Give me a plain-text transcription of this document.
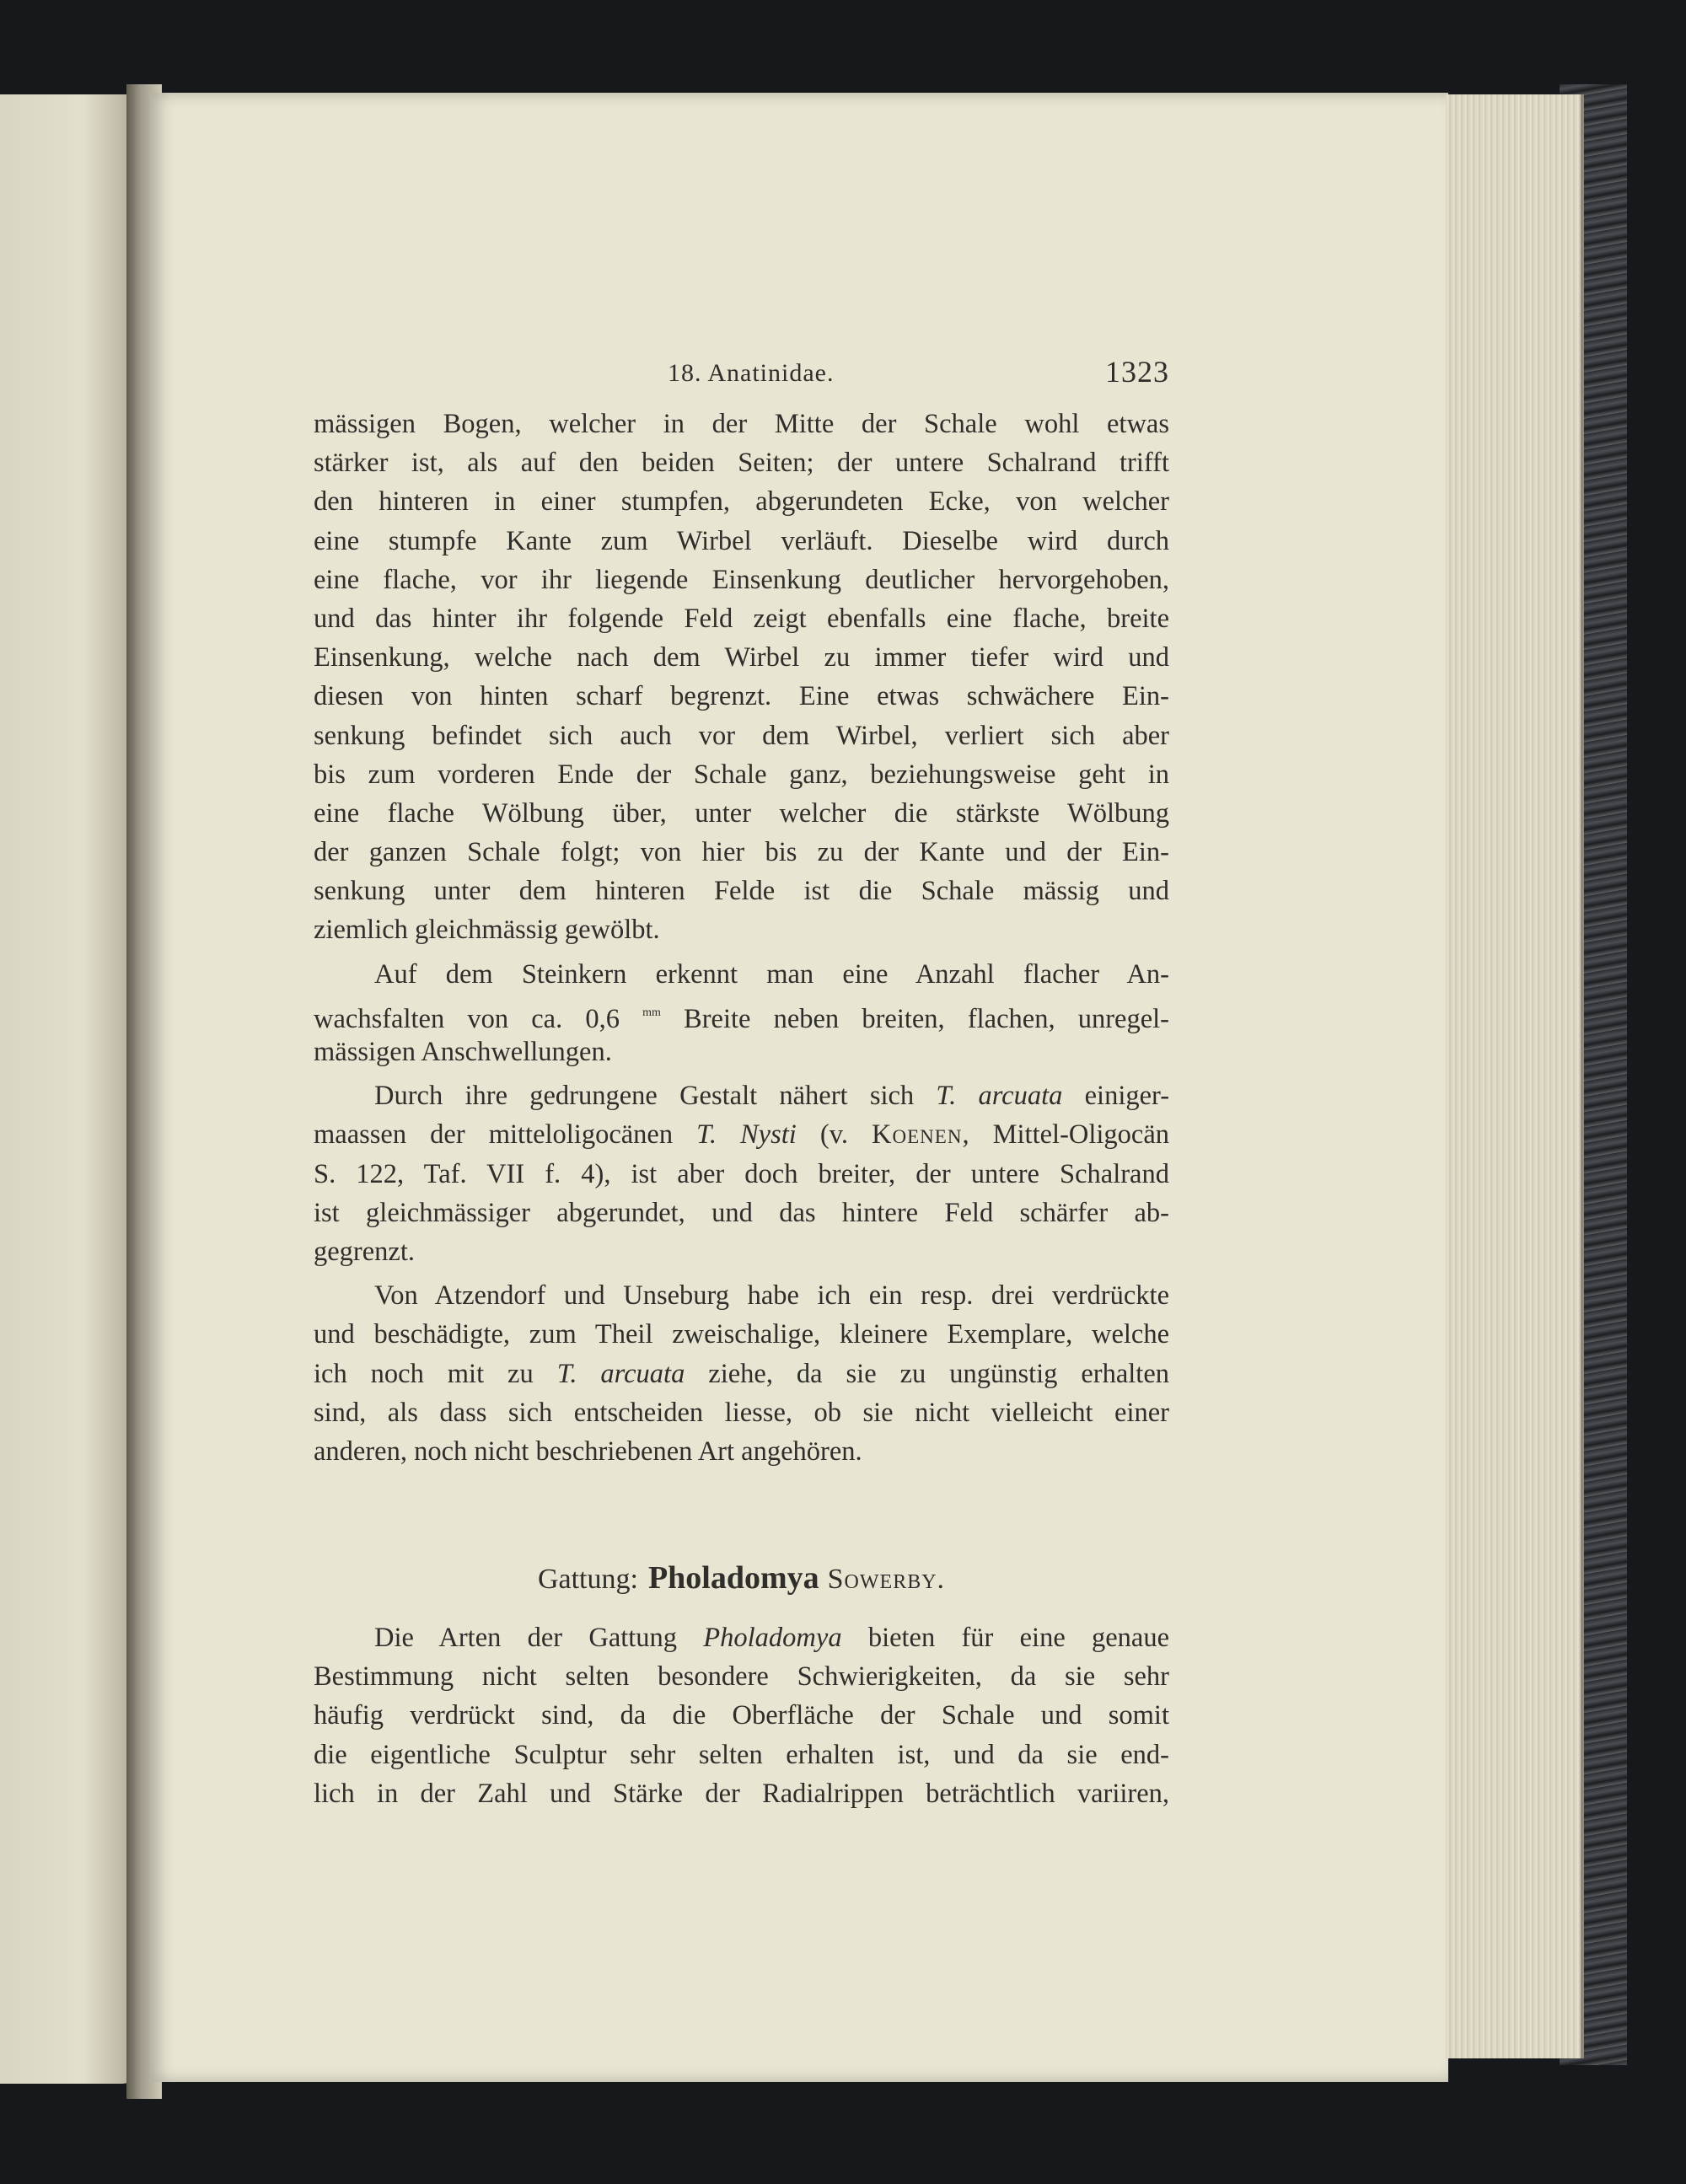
18. Anatinidae.	1323
mässigen Bogen, welcher in der Mitte der Schale wohl etwas
stärker ist, als auf den beiden Seiten; der untere Schalrand trifft
den hinteren in einer stumpfen, abgerundeten Ecke, von welcher
eine stumpfe Kante zum Wirbel verläuft. Dieselbe wird durch
eine flache, vor ihr liegende Einsenkung deutlicher hervorgehoben,
und das hinter ihr folgende Feld zeigt ebenfalls eine flache, breite
Einsenkung, welche nach dem Wirbel zu immer tiefer wird und
diesen von hinten scharf begrenzt. Eine etwas schwächere Ein-
senkung befindet sich auch vor dem Wirbel, verliert sich aber
bis zum vorderen Ende der Schale ganz, beziehungsweise geht in
eine flache Wölbung über, unter welcher die stärkste Wölbung
der ganzen Schale folgt; von hier bis zu der Kante und der Ein-
senkung unter dem hinteren Felde ist die Schale mässig und
ziemlich gleichmässig gewölbt.
Auf dem Steinkern erkennt man eine Anzahl flacher An-
wachsfalten von ca. 0,6 $^{mm}$ Breite neben breiten, flachen, unregel-
mässigen Anschwellungen.
Durch ihre gedrungene Gestalt nähert sich T. arcuata einiger-
maassen der mitteloligocänen T. Nysti (v. Koenen, Mittel-Oligocän
S. 122, Taf. VII f. 4), ist aber doch breiter, der untere Schalrand
ist gleichmässiger abgerundet, und das hintere Feld schärfer ab-
gegrenzt.
Von Atzendorf und Unseburg habe ich ein resp. drei verdrückte
und beschädigte, zum Theil zweischalige, kleinere Exemplare, welche
ich noch mit zu T. arcuata ziehe, da sie zu ungünstig erhalten
sind, als dass sich entscheiden liesse, ob sie nicht vielleicht einer
anderen, noch nicht beschriebenen Art angehören.
Gattung: Pholadomya Sowerby.
Die Arten der Gattung Pholadomya bieten für eine genaue
Bestimmung nicht selten besondere Schwierigkeiten, da sie sehr
häufig verdrückt sind, da die Oberfläche der Schale und somit
die eigentliche Sculptur sehr selten erhalten ist, und da sie end-
lich in der Zahl und Stärke der Radialrippen beträchtlich variiren,
